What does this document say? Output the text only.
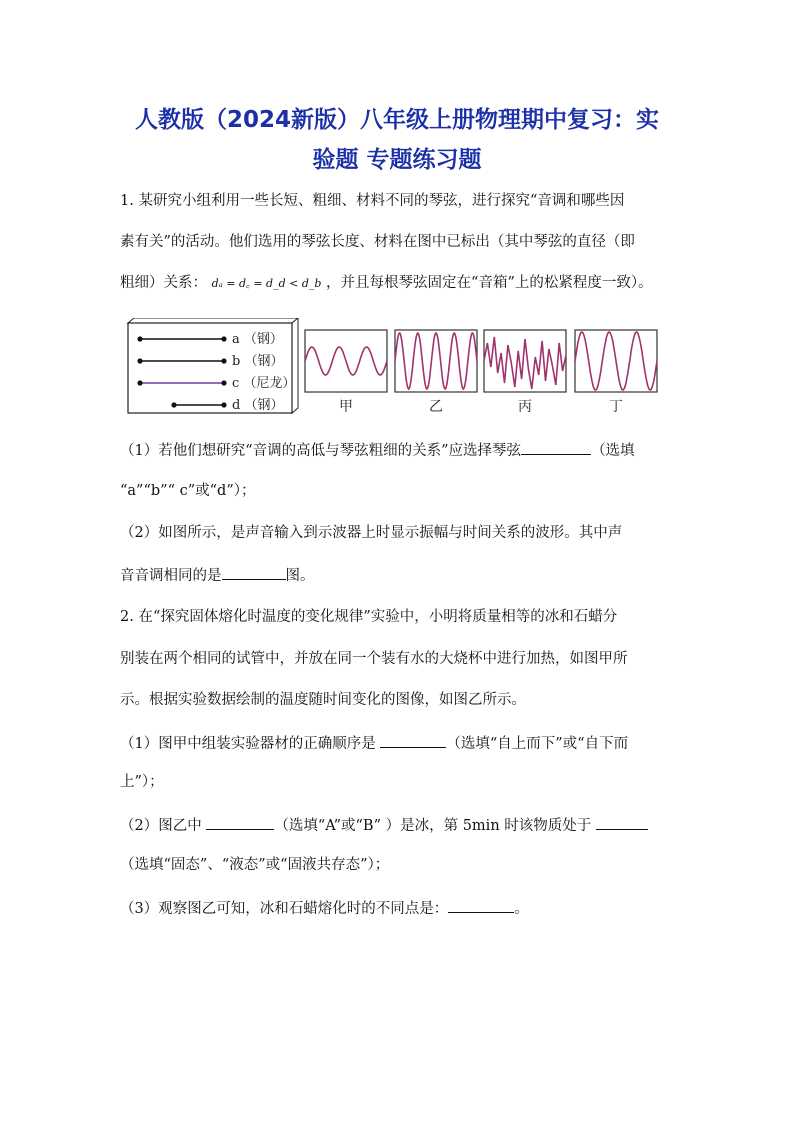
人教版（2024新版）八年级上册物理期中复习：实
验题 专题练习题
1. 某研究小组利用一些长短、粗细、材料不同的琴弦，进行探究“音调和哪些因
素有关”的活动。他们选用的琴弦长度、材料在图中已标出（其中琴弦的直径（即
粗细）关系： dₐ = d꜀ = d_d < d_b ，并且每根琴弦固定在“音箱”上的松紧程度一致）。
a （钢）
b （钢）
c （尼龙）
d （钢）	甲	乙	丙	丁
（1）若他们想研究“音调的高低与琴弦粗细的关系”应选择琴弦	（选填
“a”“b”“ c”或“d”）；
（2）如图所示，是声音输入到示波器上时显示振幅与时间关系的波形。其中声
音音调相同的是	图。
2. 在“探究固体熔化时温度的变化规律”实验中，小明将质量相等的冰和石蜡分
别装在两个相同的试管中，并放在同一个装有水的大烧杯中进行加热，如图甲所
示。根据实验数据绘制的温度随时间变化的图像，如图乙所示。
（1）图甲中组装实验器材的正确顺序是	（选填“自上而下”或“自下而
上”）；
（2）图乙中	（选填“A”或“B” ）是冰，第 5min 时该物质处于
（选填“固态”、“液态”或“固液共存态”）；
（3）观察图乙可知，冰和石蜡熔化时的不同点是：	。
